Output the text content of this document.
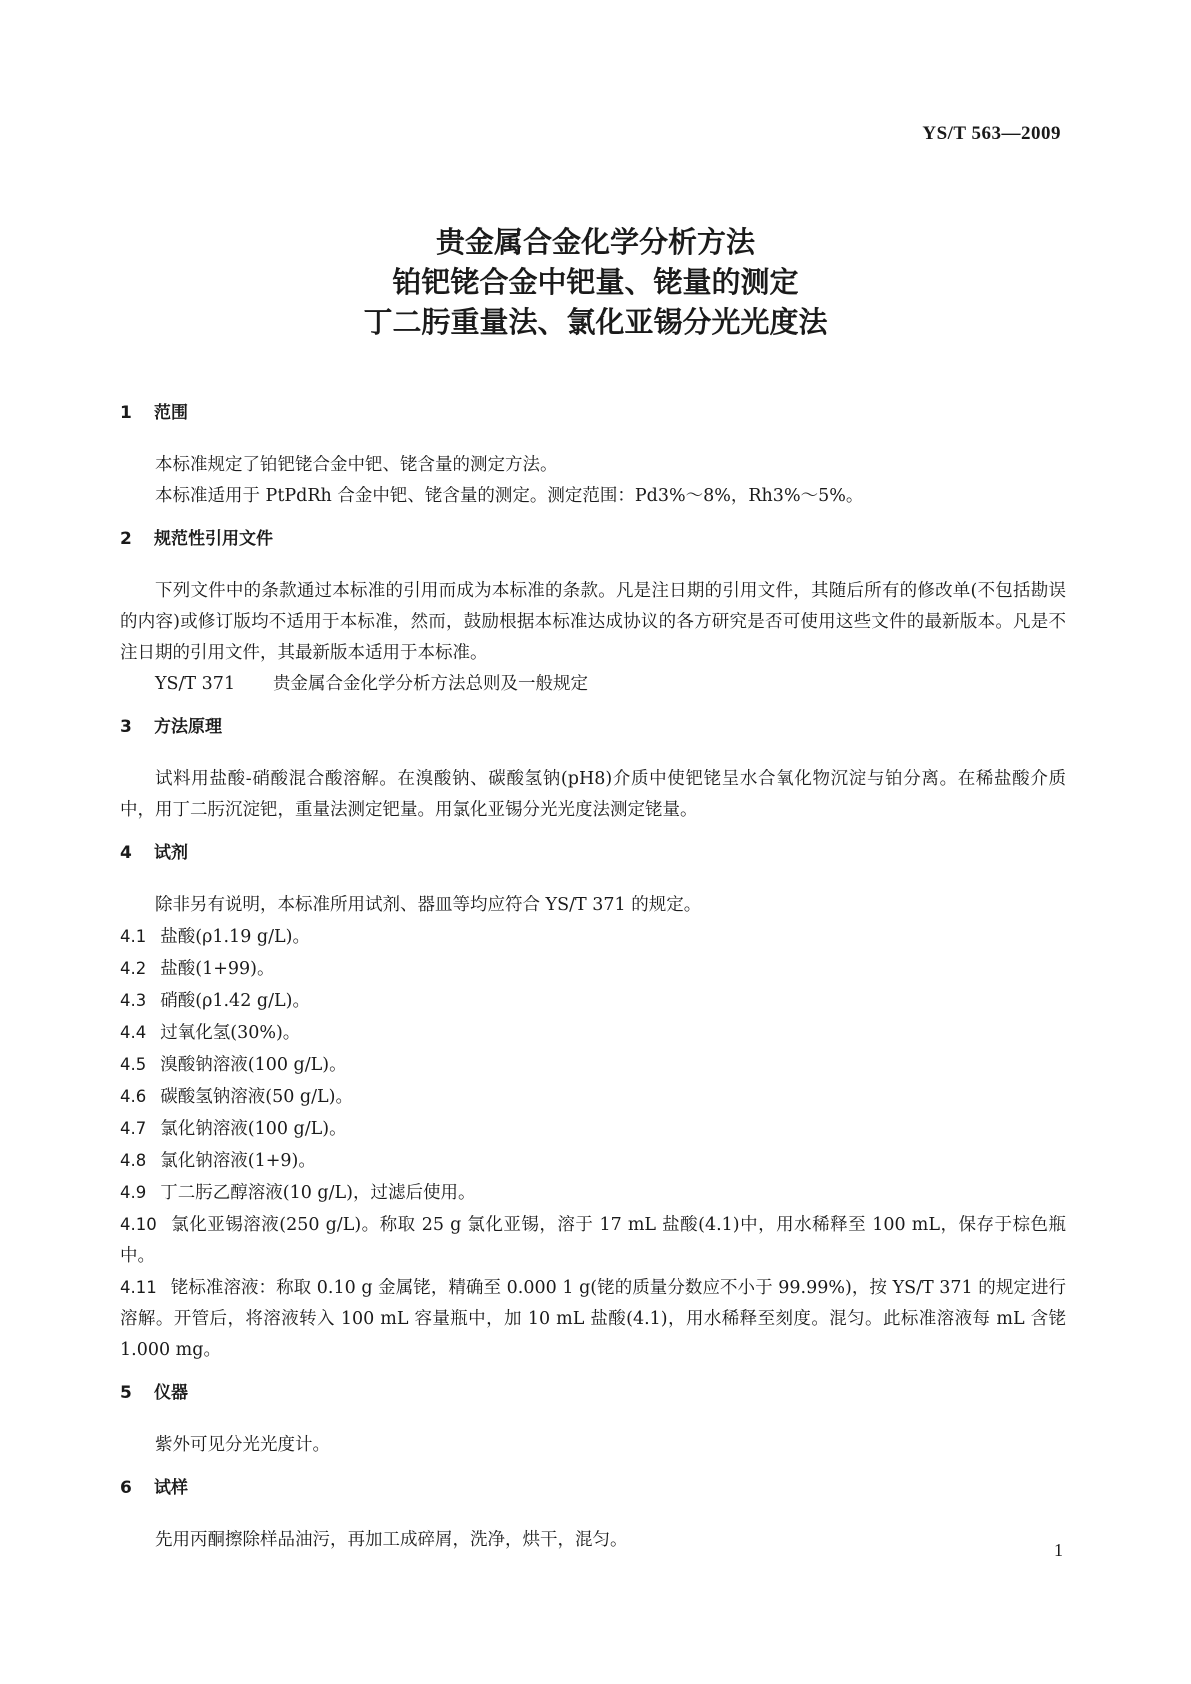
YS/T 563—2009
贵金属合金化学分析方法
铂钯铑合金中钯量、铑量的测定
丁二肟重量法、氯化亚锡分光光度法
1 范围

本标准规定了铂钯铑合金中钯、铑含量的测定方法。

本标准适用于 PtPdRh 合金中钯、铑含量的测定。测定范围：Pd3%～8%，Rh3%～5%。

2 规范性引用文件

下列文件中的条款通过本标准的引用而成为本标准的条款。凡是注日期的引用文件，其随后所有的修改单(不包括勘误的内容)或修订版均不适用于本标准，然而，鼓励根据本标准达成协议的各方研究是否可使用这些文件的最新版本。凡是不注日期的引用文件，其最新版本适用于本标准。

YS/T 371 贵金属合金化学分析方法总则及一般规定

3 方法原理

试料用盐酸-硝酸混合酸溶解。在溴酸钠、碳酸氢钠(pH8)介质中使钯铑呈水合氧化物沉淀与铂分离。在稀盐酸介质中，用丁二肟沉淀钯，重量法测定钯量。用氯化亚锡分光光度法测定铑量。

4 试剂

除非另有说明，本标准所用试剂、器皿等均应符合 YS/T 371 的规定。

4.1 盐酸(ρ1.19 g/L)。

4.2 盐酸(1+99)。

4.3 硝酸(ρ1.42 g/L)。

4.4 过氧化氢(30%)。

4.5 溴酸钠溶液(100 g/L)。

4.6 碳酸氢钠溶液(50 g/L)。

4.7 氯化钠溶液(100 g/L)。

4.8 氯化钠溶液(1+9)。

4.9 丁二肟乙醇溶液(10 g/L)，过滤后使用。

4.10 氯化亚锡溶液(250 g/L)。称取 25 g 氯化亚锡，溶于 17 mL 盐酸(4.1)中，用水稀释至 100 mL，保存于棕色瓶中。

4.11 铑标准溶液：称取 0.10 g 金属铑，精确至 0.000 1 g(铑的质量分数应不小于 99.99%)，按 YS/T 371 的规定进行溶解。开管后，将溶液转入 100 mL 容量瓶中，加 10 mL 盐酸(4.1)，用水稀释至刻度。混匀。此标准溶液每 mL 含铑 1.000 mg。

5 仪器

紫外可见分光光度计。

6 试样

先用丙酮擦除样品油污，再加工成碎屑，洗净，烘干，混匀。	1
